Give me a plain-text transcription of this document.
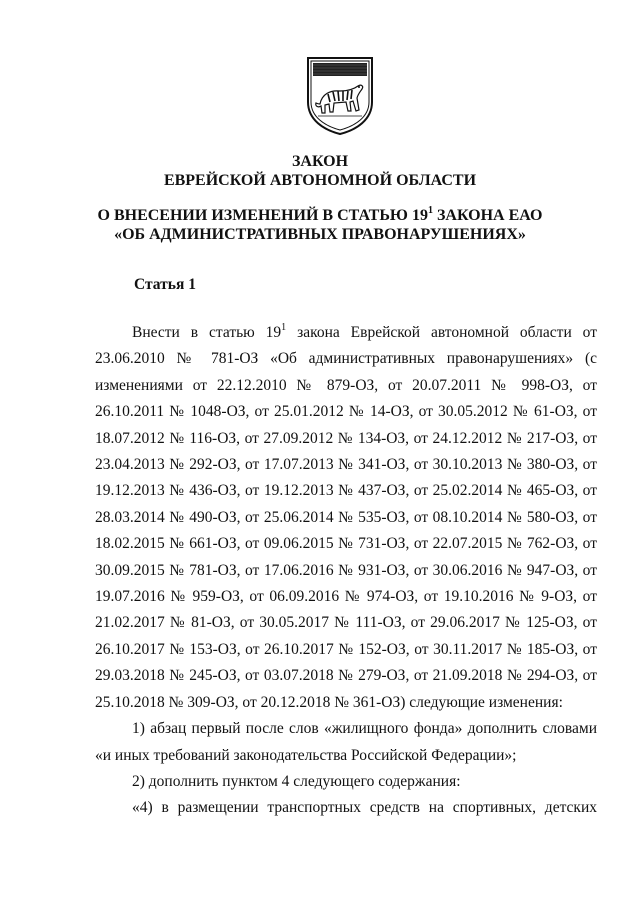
ЗАКОН
ЕВРЕЙСКОЙ АВТОНОМНОЙ ОБЛАСТИ
О ВНЕСЕНИИ ИЗМЕНЕНИЙ В СТАТЬЮ $19^1$ ЗАКОНА ЕАО
«ОБ АДМИНИСТРАТИВНЫХ ПРАВОНАРУШЕНИЯХ»
Статья 1

Внести в статью $19^1$ закона Еврейской автономной области от 23.06.2010 № 781-ОЗ «Об административных правонарушениях» (с изменениями от 22.12.2010 № 879-ОЗ, от 20.07.2011 № 998-ОЗ, от 26.10.2011 № 1048-ОЗ, от 25.01.2012 № 14-ОЗ, от 30.05.2012 № 61-ОЗ, от 18.07.2012 № 116-ОЗ, от 27.09.2012 № 134-ОЗ, от 24.12.2012 № 217-ОЗ, от 23.04.2013 № 292-ОЗ, от 17.07.2013 № 341-ОЗ, от 30.10.2013 № 380-ОЗ, от 19.12.2013 № 436-ОЗ, от 19.12.2013 № 437-ОЗ, от 25.02.2014 № 465-ОЗ, от 28.03.2014 № 490-ОЗ, от 25.06.2014 № 535-ОЗ, от 08.10.2014 № 580-ОЗ, от 18.02.2015 № 661-ОЗ, от 09.06.2015 № 731-ОЗ, от 22.07.2015 № 762-ОЗ, от 30.09.2015 № 781-ОЗ, от 17.06.2016 № 931-ОЗ, от 30.06.2016 № 947-ОЗ, от 19.07.2016 № 959-ОЗ, от 06.09.2016 № 974-ОЗ, от 19.10.2016 № 9-ОЗ, от 21.02.2017 № 81-ОЗ, от 30.05.2017 № 111-ОЗ, от 29.06.2017 № 125-ОЗ, от 26.10.2017 № 153-ОЗ, от 26.10.2017 № 152-ОЗ, от 30.11.2017 № 185-ОЗ, от 29.03.2018 № 245-ОЗ, от 03.07.2018 № 279-ОЗ, от 21.09.2018 № 294-ОЗ, от 25.10.2018 № 309-ОЗ, от 20.12.2018 № 361-ОЗ) следующие изменения:

1) абзац первый после слов «жилищного фонда» дополнить словами «и иных требований законодательства Российской Федерации»;

2) дополнить пунктом 4 следующего содержания:

«4) в размещении транспортных средств на спортивных, детских
